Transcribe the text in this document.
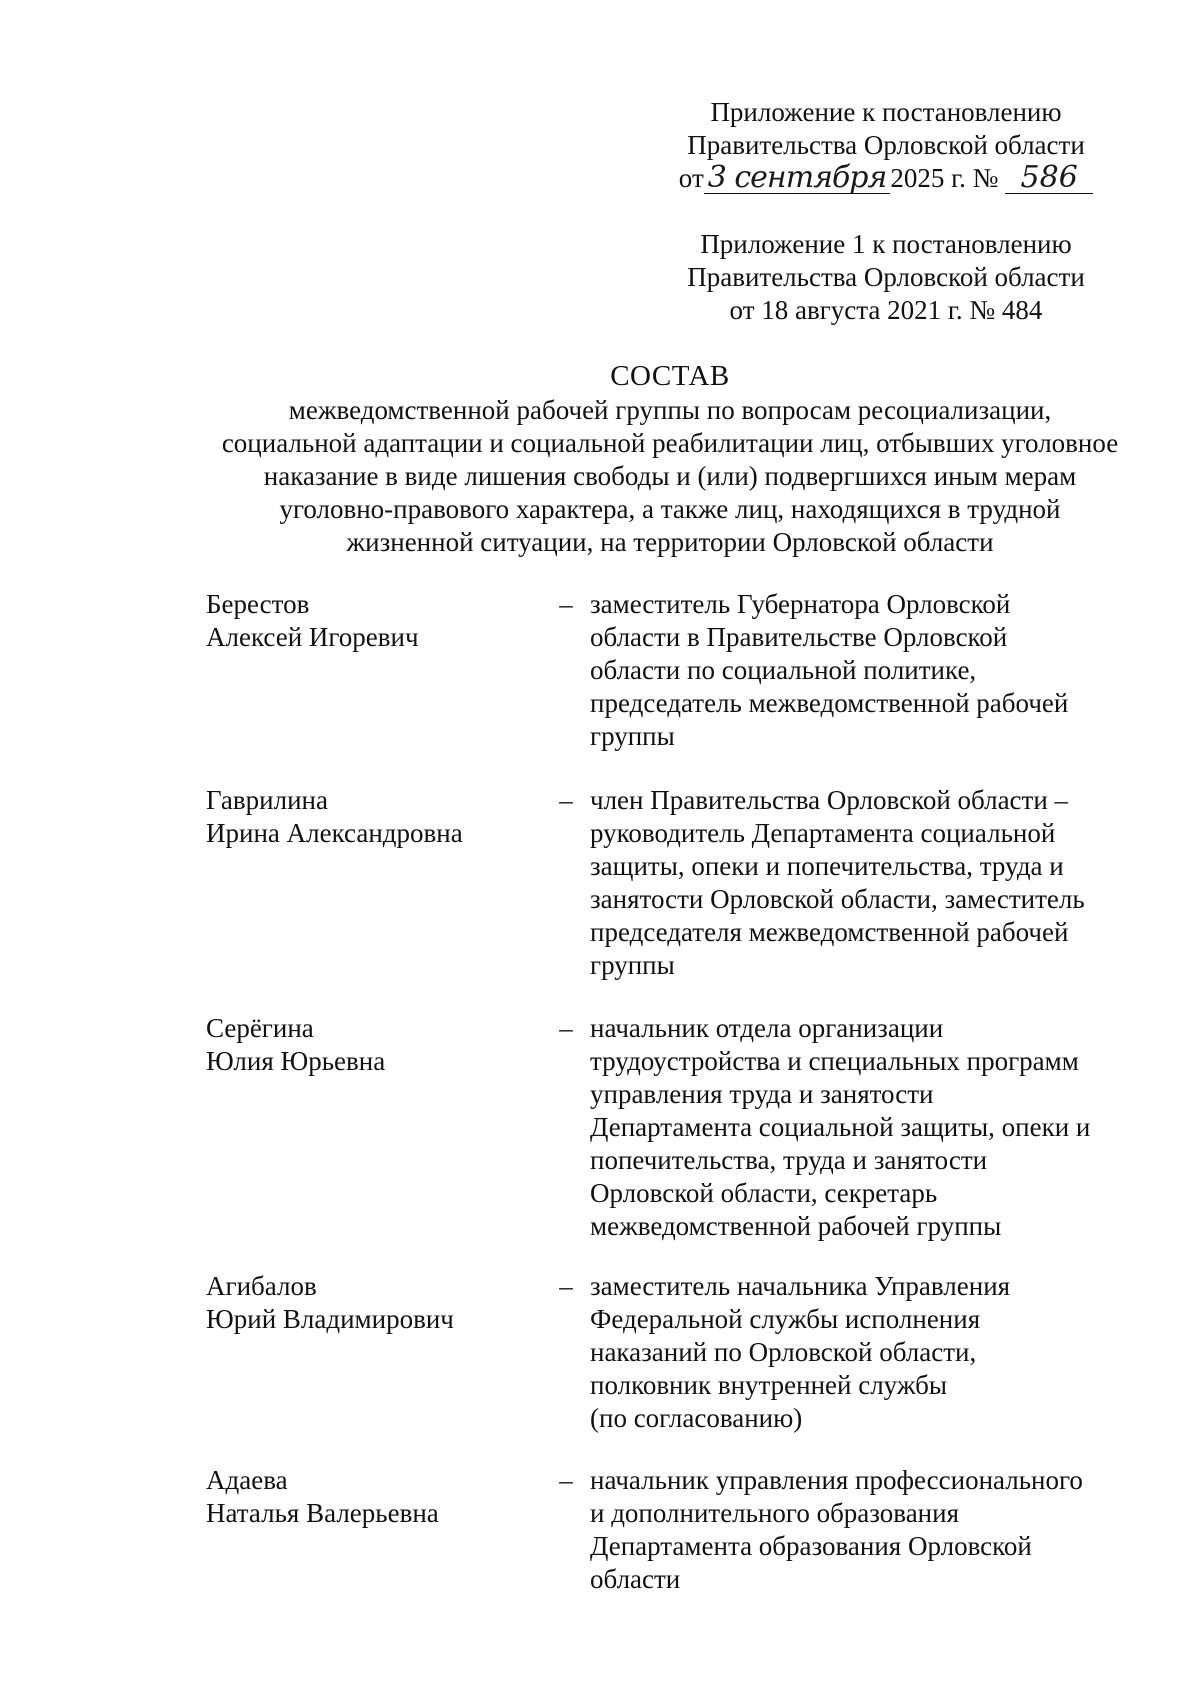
Приложение к постановлению
Правительства Орловской области
от 3 сентября 2025 г. № 586
Приложение 1 к постановлению
Правительства Орловской области
от 18 августа 2021 г. № 484
СОСТАВ
межведомственной рабочей группы по вопросам ресоциализации,
социальной адаптации и социальной реабилитации лиц, отбывших уголовное
наказание в виде лишения свободы и (или) подвергшихся иным мерам
уголовно-правового характера, а также лиц, находящихся в трудной
жизненной ситуации, на территории Орловской области
Берестов
Алексей Игоревич
– заместитель Губернатора Орловской
области в Правительстве Орловской
области по социальной политике,
председатель межведомственной рабочей
группы
Гаврилина
Ирина Александровна
– член Правительства Орловской области –
руководитель Департамента социальной
защиты, опеки и попечительства, труда и
занятости Орловской области, заместитель
председателя межведомственной рабочей
группы
Серёгина
Юлия Юрьевна
– начальник отдела организации
трудоустройства и специальных программ
управления труда и занятости
Департамента социальной защиты, опеки и
попечительства, труда и занятости
Орловской области, секретарь
межведомственной рабочей группы
Агибалов
Юрий Владимирович
– заместитель начальника Управления
Федеральной службы исполнения
наказаний по Орловской области,
полковник внутренней службы
(по согласованию)
Адаева
Наталья Валерьевна
– начальник управления профессионального
и дополнительного образования
Департамента образования Орловской
области
